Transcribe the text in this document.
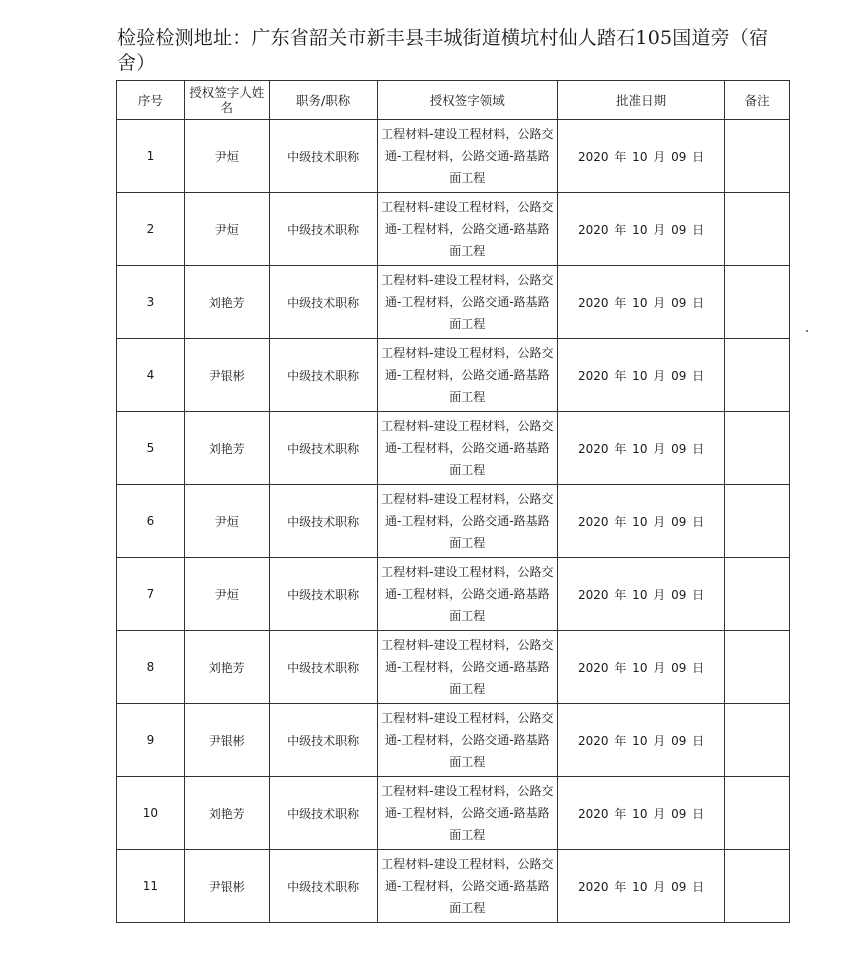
检验检测地址：广东省韶关市新丰县丰城街道横坑村仙人踏石105国道旁（宿
舍）
序号	授权签字人姓名	职务/职称	授权签字领域	批准日期	备注
1	尹烜	中级技术职称	工程材料-建设工程材料，公路交通-工程材料，公路交通-路基路面工程	2020 年 10 月 09 日	
2	尹烜	中级技术职称	工程材料-建设工程材料，公路交通-工程材料，公路交通-路基路面工程	2020 年 10 月 09 日	
3	刘艳芳	中级技术职称	工程材料-建设工程材料，公路交通-工程材料，公路交通-路基路面工程	2020 年 10 月 09 日	
4	尹银彬	中级技术职称	工程材料-建设工程材料，公路交通-工程材料，公路交通-路基路面工程	2020 年 10 月 09 日	
5	刘艳芳	中级技术职称	工程材料-建设工程材料，公路交通-工程材料，公路交通-路基路面工程	2020 年 10 月 09 日	
6	尹烜	中级技术职称	工程材料-建设工程材料，公路交通-工程材料，公路交通-路基路面工程	2020 年 10 月 09 日	
7	尹烜	中级技术职称	工程材料-建设工程材料，公路交通-工程材料，公路交通-路基路面工程	2020 年 10 月 09 日	
8	刘艳芳	中级技术职称	工程材料-建设工程材料，公路交通-工程材料，公路交通-路基路面工程	2020 年 10 月 09 日	
9	尹银彬	中级技术职称	工程材料-建设工程材料，公路交通-工程材料，公路交通-路基路面工程	2020 年 10 月 09 日	
10	刘艳芳	中级技术职称	工程材料-建设工程材料，公路交通-工程材料，公路交通-路基路面工程	2020 年 10 月 09 日	
11	尹银彬	中级技术职称	工程材料-建设工程材料，公路交通-工程材料，公路交通-路基路面工程	2020 年 10 月 09 日	
